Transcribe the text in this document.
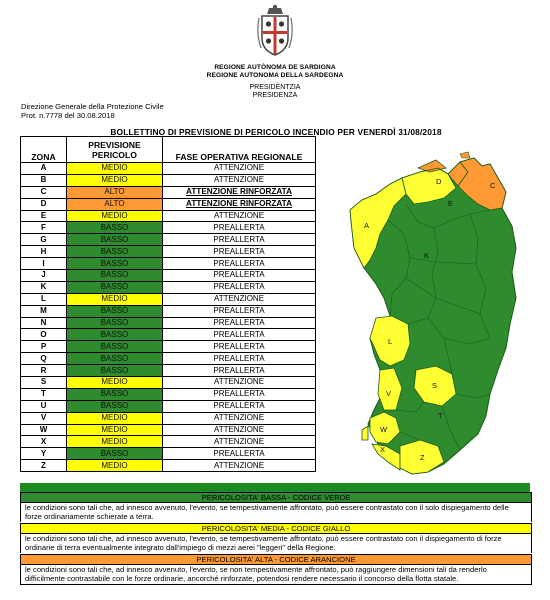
REGIONE AUTÒNOMA DE SARDIGNA
REGIONE AUTONOMA DELLA SARDEGNA
PRESIDÈNTZIA
PRESIDENZA
Direzione Generale della Protezione Civile
Prot. n.7778 del 30.08.2018
BOLLETTINO DI PREVISIONE DI PERICOLO INCENDIO PER VENERDÌ 31/08/2018
ZONA	PREVISIONE PERICOLO	FASE OPERATIVA REGIONALE
A	MEDIO	ATTENZIONE
B	MEDIO	ATTENZIONE
C	ALTO	ATTENZIONE RINFORZATA
D	ALTO	ATTENZIONE RINFORZATA
E	MEDIO	ATTENZIONE
F	BASSO	PREALLERTA
G	BASSO	PREALLERTA
H	BASSO	PREALLERTA
I	BASSO	PREALLERTA
J	BASSO	PREALLERTA
K	BASSO	PREALLERTA
L	MEDIO	ATTENZIONE
M	BASSO	PREALLERTA
N	BASSO	PREALLERTA
O	BASSO	PREALLERTA
P	BASSO	PREALLERTA
Q	BASSO	PREALLERTA
R	BASSO	PREALLERTA
S	MEDIO	ATTENZIONE
T	BASSO	PREALLERTA
U	BASSO	PREALLERTA
V	MEDIO	ATTENZIONE
W	MEDIO	ATTENZIONE
X	MEDIO	ATTENZIONE
Y	BASSO	PREALLERTA
Z	MEDIO	ATTENZIONE
A
D	C
E
K
L
S
V
T
W
X
Z
PERICOLOSITA' BASSA - CODICE VERDE
le condizioni sono tali che, ad innesco avvenuto, l'evento, se tempestivamente affrontato, può essere contrastato con il solo dispiegamento delle forze ordinariamente schierate a terra.
PERICOLOSITA' MEDIA - CODICE GIALLO
le condizioni sono tali che, ad innesco avvenuto, l'evento, se tempestivamente affrontato, può essere contrastato con il dispiegamento di forze ordinarie di terra eventualmente integrato dall'impiego di mezzi aerei "leggeri" della Regione.
PERICOLOSITA' ALTA - CODICE ARANCIONE
le condizioni sono tali che, ad innesco avvenuto, l'evento, se non tempestivamente affrontato, può raggiungere dimensioni tali da renderlo difficilmente contrastabile con le forze ordinarie, ancorché rinforzate, potendosi rendere necessario il concorso della flotta statale.
